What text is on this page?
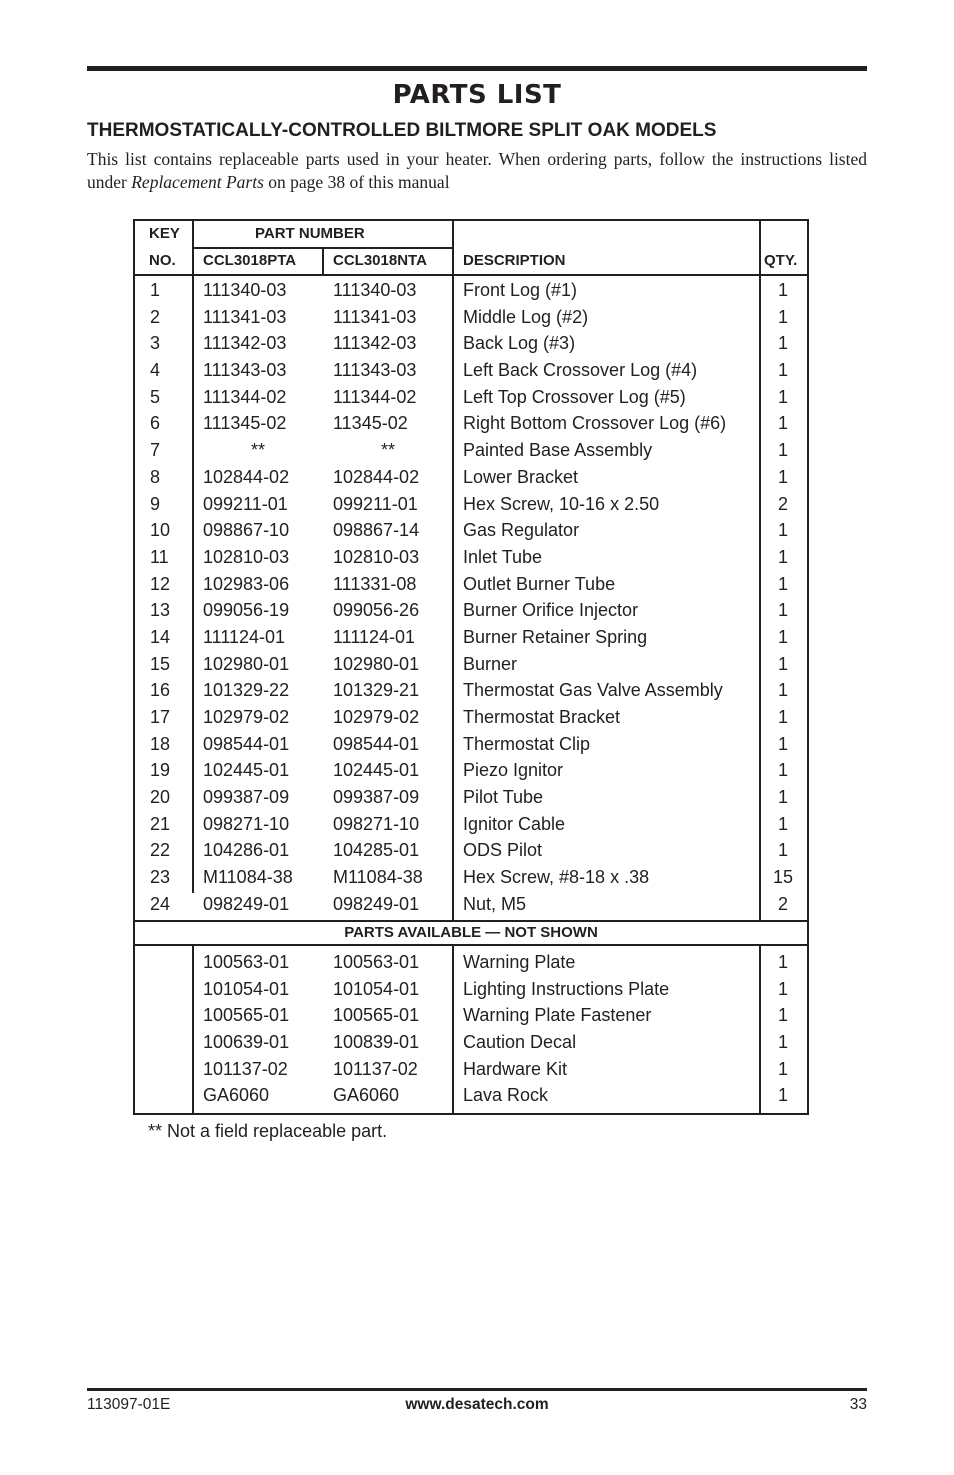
PARTS LIST
THERMOSTATICALLY-CONTROLLED BILTMORE SPLIT OAK MODELS
This list contains replaceable parts used in your heater. When ordering parts, follow the instructions listed under Replacement Parts on page 38 of this manual
KEY
NO.
PART NUMBER
CCL3018PTA CCL3018NTA DESCRIPTION	QTY.
1 111340-03	111340-03	Front Log (#1)	1
2 111341-03	111341-03	Middle Log (#2)	1
3 111342-03	111342-03	Back Log (#3)	1
4 111343-03	111343-03	Left Back Crossover Log (#4)	1
5 111344-02	111344-02	Left Top Crossover Log (#5)	1
6 111345-02	11345-02	Right Bottom Crossover Log (#6)	1
7	**	**	Painted Base Assembly	1
8 102844-02 102844-02 Lower Bracket	1
9 099211-01	099211-01	Hex Screw, 10-16 x 2.50	2
10 098867-10 098867-14 Gas Regulator	1
11 102810-03 102810-03 Inlet Tube	1
12 102983-06 111331-08	Outlet Burner Tube	1
13 099056-19 099056-26 Burner Orifice Injector	1
14 111124-01	111124-01	Burner Retainer Spring	1
15 102980-01 102980-01 Burner	1
16 101329-22 101329-21 Thermostat Gas Valve Assembly	1
17 102979-02 102979-02 Thermostat Bracket	1
18 098544-01 098544-01 Thermostat Clip	1
19 102445-01 102445-01 Piezo Ignitor	1
20 099387-09 099387-09 Pilot Tube	1
21 098271-10 098271-10 Ignitor Cable	1
22 104286-01 104285-01 ODS Pilot	1
23 M11084-38 M11084-38 Hex Screw, #8-18 x .38	15
24 098249-01 098249-01 Nut, M5	2
PARTS AVAILABLE — NOT SHOWN
100563-01 100563-01 Warning Plate	1
101054-01 101054-01 Lighting Instructions Plate	1
100565-01 100565-01 Warning Plate Fastener	1
100639-01 100839-01 Caution Decal	1
101137-02	101137-02	Hardware Kit	1
GA6060	GA6060	Lava Rock	1
** Not a field replaceable part.
113097-01E	www.desatech.com	33
